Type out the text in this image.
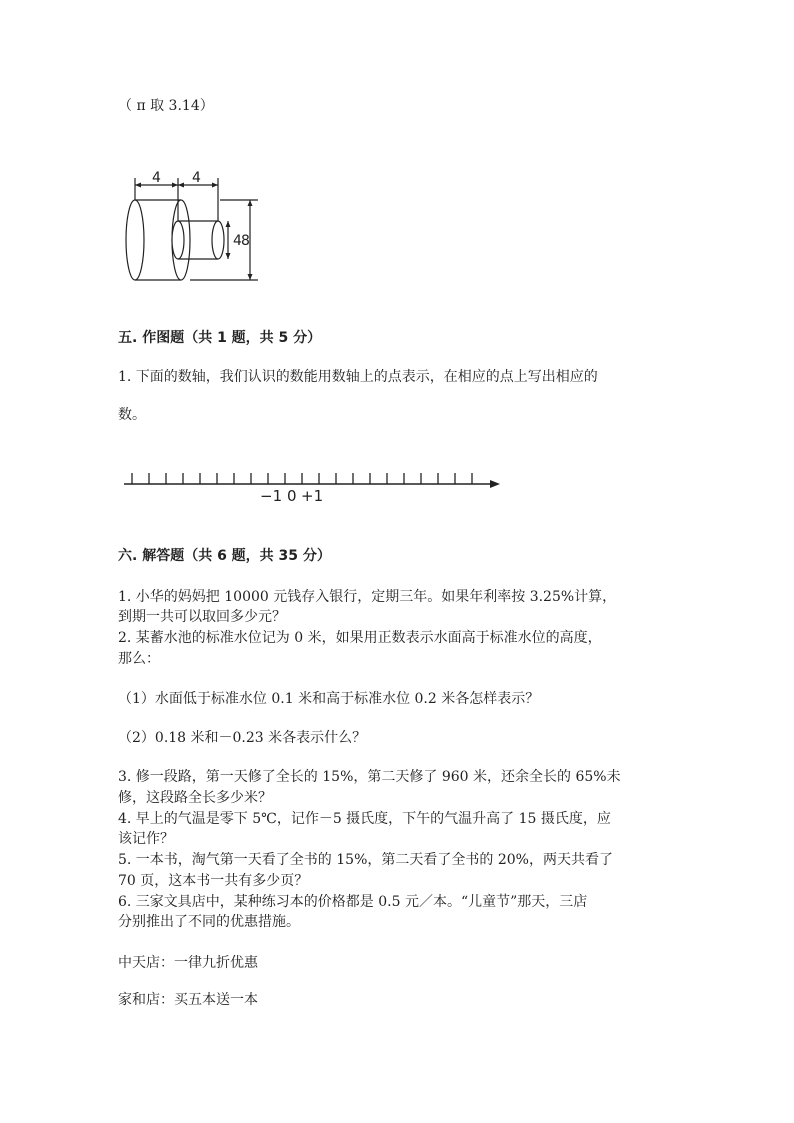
（ π 取 3.14）
4 4
4 8
五. 作图题（共 1 题，共 5 分）
1. 下面的数轴，我们认识的数能用数轴上的点表示，在相应的点上写出相应的
数。
−1 0 +1
六. 解答题（共 6 题，共 35 分）
1. 小华的妈妈把 10000 元钱存入银行，定期三年。如果年利率按 3.25%计算，
到期一共可以取回多少元？
2. 某蓄水池的标准水位记为 0 米，如果用正数表示水面高于标准水位的高度，
那么：
（1）水面低于标准水位 0.1 米和高于标准水位 0.2 米各怎样表示？
（2）0.18 米和－0.23 米各表示什么？
3. 修一段路，第一天修了全长的 15%，第二天修了 960 米，还余全长的 65%未
修，这段路全长多少米？
4. 早上的气温是零下 5℃，记作－5 摄氏度，下午的气温升高了 15 摄氏度，应
该记作？
5. 一本书，淘气第一天看了全书的 15%，第二天看了全书的 20%，两天共看了
70 页，这本书一共有多少页？
6. 三家文具店中，某种练习本的价格都是 0.5 元／本。“儿童节”那天，三店
分别推出了不同的优惠措施。
中天店：一律九折优惠
家和店：买五本送一本
